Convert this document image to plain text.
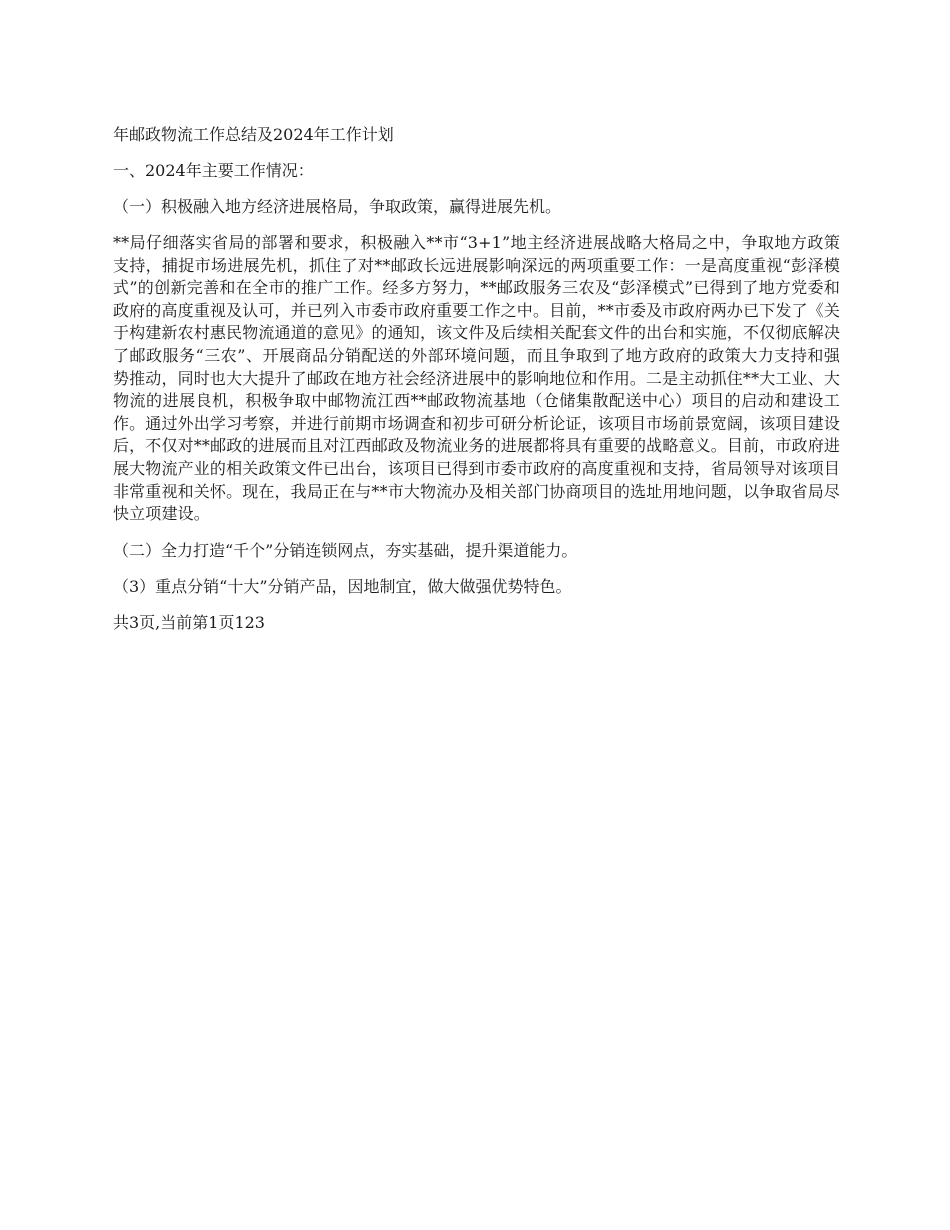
年邮政物流工作总结及2024年工作计划

一、2024年主要工作情况：

（一）积极融入地方经济进展格局，争取政策，赢得进展先机。

**局仔细落实省局的部署和要求，积极融入**市“3+1”地主经济进展战略大格局之中，争取地方政策支持，捕捉市场进展先机，抓住了对**邮政长远进展影响深远的两项重要工作：一是高度重视“彭泽模式”的创新完善和在全市的推广工作。经多方努力，**邮政服务三农及“彭泽模式”已得到了地方党委和政府的高度重视及认可，并已列入市委市政府重要工作之中。目前，**市委及市政府两办已下发了《关于构建新农村惠民物流通道的意见》的通知，该文件及后续相关配套文件的出台和实施，不仅彻底解决了邮政服务“三农”、开展商品分销配送的外部环境问题，而且争取到了地方政府的政策大力支持和强势推动，同时也大大提升了邮政在地方社会经济进展中的影响地位和作用。二是主动抓住**大工业、大物流的进展良机，积极争取中邮物流江西**邮政物流基地（仓储集散配送中心）项目的启动和建设工作。通过外出学习考察，并进行前期市场调查和初步可研分析论证，该项目市场前景宽阔，该项目建设后，不仅对**邮政的进展而且对江西邮政及物流业务的进展都将具有重要的战略意义。目前，市政府进展大物流产业的相关政策文件已出台，该项目已得到市委市政府的高度重视和支持，省局领导对该项目非常重视和关怀。现在，我局正在与**市大物流办及相关部门协商项目的选址用地问题，以争取省局尽快立项建设。

（二）全力打造“千个”分销连锁网点，夯实基础，提升渠道能力。

（3）重点分销“十大”分销产品，因地制宜，做大做强优势特色。

共3页,当前第1页123
